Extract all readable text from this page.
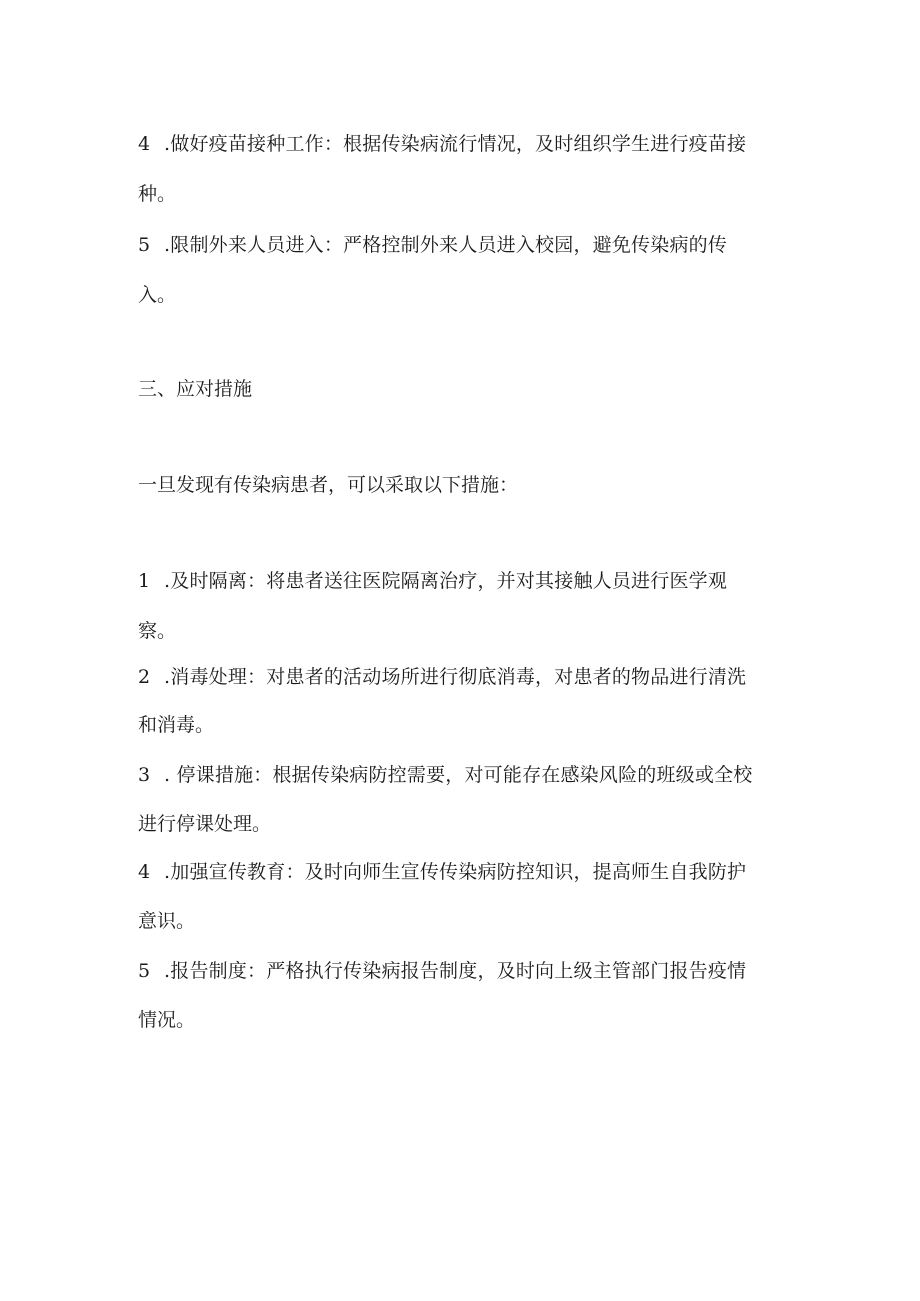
4 .做好疫苗接种工作：根据传染病流行情况，及时组织学生进行疫苗接
种。
5 .限制外来人员进入：严格控制外来人员进入校园，避免传染病的传
入。
三、应对措施
一旦发现有传染病患者，可以采取以下措施：
1 .及时隔离：将患者送往医院隔离治疗，并对其接触人员进行医学观
察。
2 .消毒处理：对患者的活动场所进行彻底消毒，对患者的物品进行清洗
和消毒。
3 . 停课措施：根据传染病防控需要，对可能存在感染风险的班级或全校
进行停课处理。
4 .加强宣传教育：及时向师生宣传传染病防控知识，提高师生自我防护
意识。
5 .报告制度：严格执行传染病报告制度，及时向上级主管部门报告疫情
情况。
